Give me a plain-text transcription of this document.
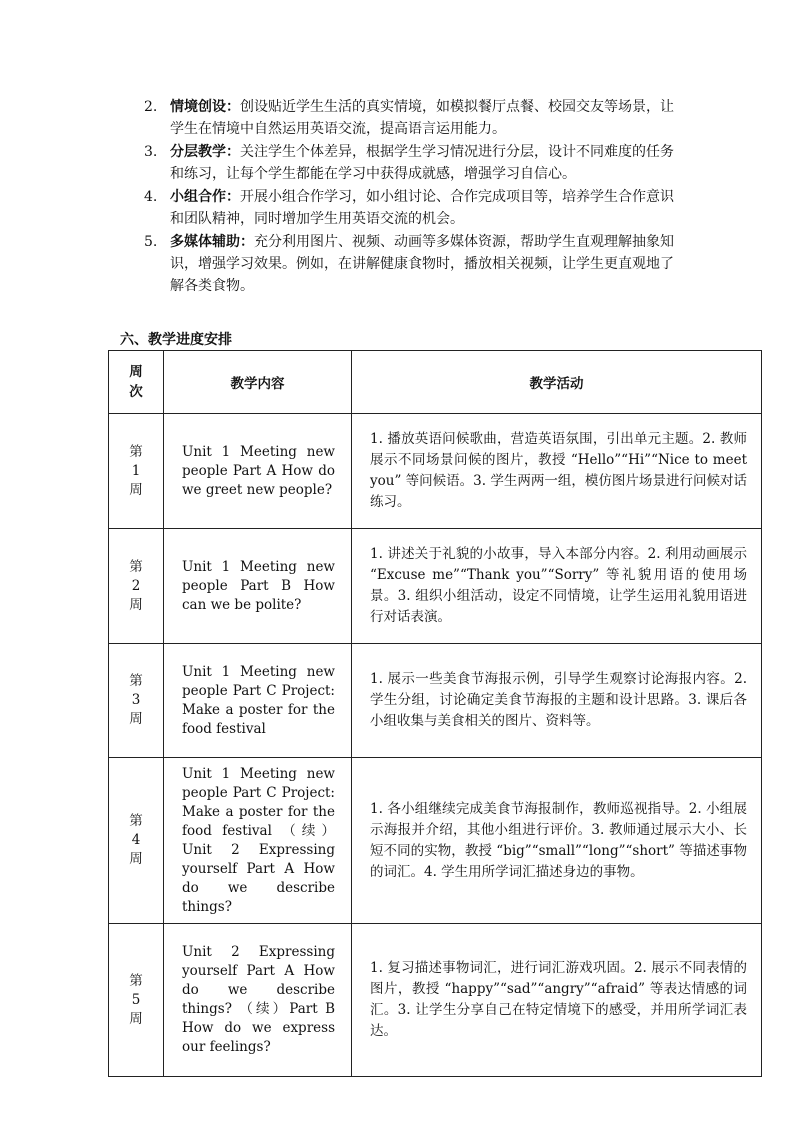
2. 情境创设：创设贴近学生生活的真实情境，如模拟餐厅点餐、校园交友等场景，让学生在情境中自然运用英语交流，提高语言运用能力。
3. 分层教学：关注学生个体差异，根据学生学习情况进行分层，设计不同难度的任务和练习，让每个学生都能在学习中获得成就感，增强学习自信心。
4. 小组合作：开展小组合作学习，如小组讨论、合作完成项目等，培养学生合作意识和团队精神，同时增加学生用英语交流的机会。
5. 多媒体辅助：充分利用图片、视频、动画等多媒体资源，帮助学生直观理解抽象知识，增强学习效果。例如，在讲解健康食物时，播放相关视频，让学生更直观地了解各类食物。
六、教学进度安排
周
次	教学内容	教学活动

第
1
周	Unit 1 Meeting new people Part A How do we greet new people?	1. 播放英语问候歌曲，营造英语氛围，引出单元主题。2. 教师展示不同场景问候的图片，教授 “Hello”“Hi”“Nice to meet you” 等问候语。3. 学生两两一组，模仿图片场景进行问候对话练习。

第
2
周	Unit 1 Meeting new people Part B How can we be polite?	1. 讲述关于礼貌的小故事，导入本部分内容。2. 利用动画展示 “Excuse me”“Thank you”“Sorry” 等礼貌用语的使用场景。3. 组织小组活动，设定不同情境，让学生运用礼貌用语进行对话表演。

第
3
周	Unit 1 Meeting new people Part C Project: Make a poster for the food festival	1. 展示一些美食节海报示例，引导学生观察讨论海报内容。2. 学生分组，讨论确定美食节海报的主题和设计思路。3. 课后各小组收集与美食相关的图片、资料等。

第
4
周	Unit 1 Meeting new people Part C Project: Make a poster for the food festival （续） Unit 2 Expressing yourself Part A How do we describe things?	1. 各小组继续完成美食节海报制作，教师巡视指导。2. 小组展示海报并介绍，其他小组进行评价。3. 教师通过展示大小、长短不同的实物，教授 “big”“small”“long”“short” 等描述事物的词汇。4. 学生用所学词汇描述身边的事物。

第
5
周	Unit 2 Expressing yourself Part A How do we describe things? （续）Part B How do we express our feelings?	1. 复习描述事物词汇，进行词汇游戏巩固。2. 展示不同表情的图片，教授 “happy”“sad”“angry”“afraid” 等表达情感的词汇。3. 让学生分享自己在特定情境下的感受，并用所学词汇表达。
